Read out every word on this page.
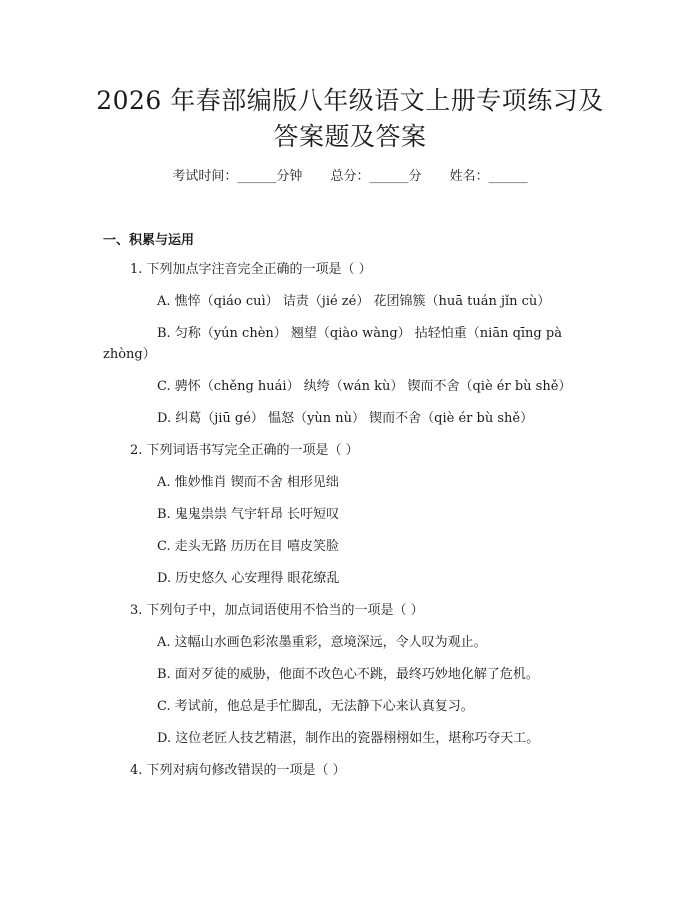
2026 年春部编版八年级语文上册专项练习及
答案题及答案
考试时间：______分钟 总分：______分 姓名：______
一、积累与运用
1. 下列加点字注音完全正确的一项是（ ）
A. 憔悴（qiáo cuì） 诘责（jié zé） 花团锦簇（huā tuán jǐn cù）
B. 匀称（yún chèn） 翘望（qiào wàng） 拈轻怕重（niān qīng pà
zhòng）
C. 骋怀（chěng huái） 纨绔（wán kù） 锲而不舍（qiè ér bù shě）
D. 纠葛（jiū gé） 愠怒（yùn nù） 锲而不舍（qiè ér bù shě）
2. 下列词语书写完全正确的一项是（ ）
A. 惟妙惟肖 锲而不舍 相形见绌
B. 鬼鬼祟祟 气宇轩昂 长吁短叹
C. 走头无路 历历在目 嘻皮笑脸
D. 历史悠久 心安理得 眼花缭乱
3. 下列句子中，加点词语使用不恰当的一项是（ ）
A. 这幅山水画色彩浓墨重彩，意境深远，令人叹为观止。
B. 面对歹徒的威胁，他面不改色心不跳，最终巧妙地化解了危机。
C. 考试前，他总是手忙脚乱，无法静下心来认真复习。
D. 这位老匠人技艺精湛，制作出的瓷器栩栩如生，堪称巧夺天工。
4. 下列对病句修改错误的一项是（ ）
